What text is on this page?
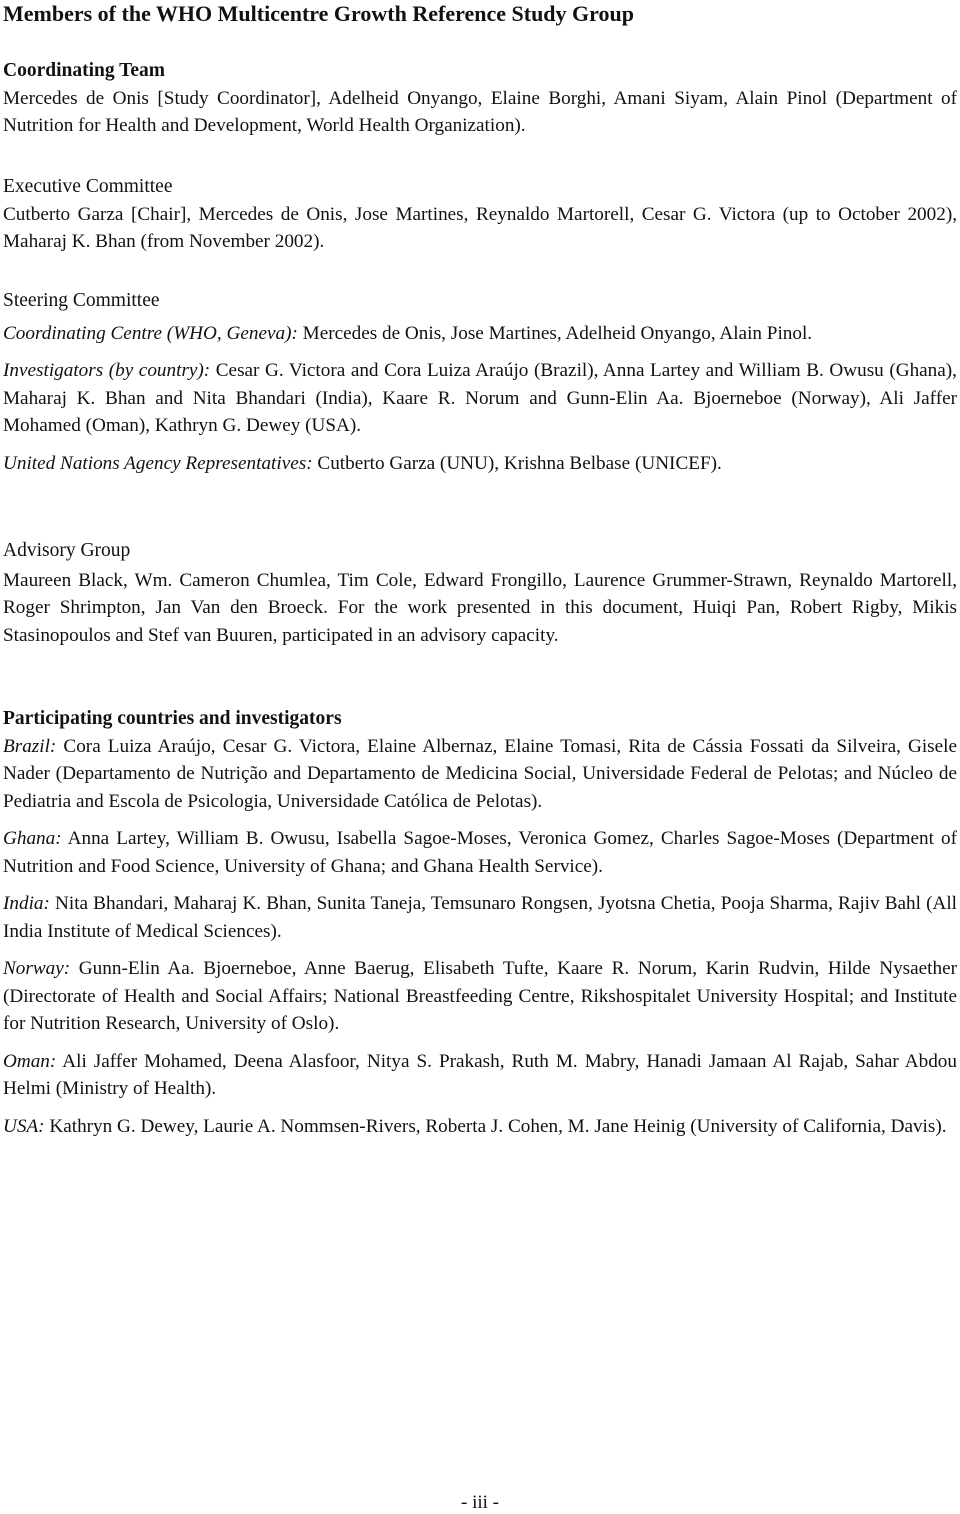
Members of the WHO Multicentre Growth Reference Study Group
Coordinating Team

Mercedes de Onis [Study Coordinator], Adelheid Onyango, Elaine Borghi, Amani Siyam, Alain Pinol (Department of Nutrition for Health and Development, World Health Organization).

Executive Committee

Cutberto Garza [Chair], Mercedes de Onis, Jose Martines, Reynaldo Martorell, Cesar G. Victora (up to October 2002), Maharaj K. Bhan (from November 2002).

Steering Committee

Coordinating Centre (WHO, Geneva): Mercedes de Onis, Jose Martines, Adelheid Onyango, Alain Pinol.

Investigators (by country): Cesar G. Victora and Cora Luiza Araújo (Brazil), Anna Lartey and William B. Owusu (Ghana), Maharaj K. Bhan and Nita Bhandari (India), Kaare R. Norum and Gunn-Elin Aa. Bjoerneboe (Norway), Ali Jaffer Mohamed (Oman), Kathryn G. Dewey (USA).

United Nations Agency Representatives: Cutberto Garza (UNU), Krishna Belbase (UNICEF).

Advisory Group

Maureen Black, Wm. Cameron Chumlea, Tim Cole, Edward Frongillo, Laurence Grummer-Strawn, Reynaldo Martorell, Roger Shrimpton, Jan Van den Broeck. For the work presented in this document, Huiqi Pan, Robert Rigby, Mikis Stasinopoulos and Stef van Buuren, participated in an advisory capacity.

Participating countries and investigators

Brazil: Cora Luiza Araújo, Cesar G. Victora, Elaine Albernaz, Elaine Tomasi, Rita de Cássia Fossati da Silveira, Gisele Nader (Departamento de Nutrição and Departamento de Medicina Social, Universidade Federal de Pelotas; and Núcleo de Pediatria and Escola de Psicologia, Universidade Católica de Pelotas).

Ghana: Anna Lartey, William B. Owusu, Isabella Sagoe-Moses, Veronica Gomez, Charles Sagoe-Moses (Department of Nutrition and Food Science, University of Ghana; and Ghana Health Service).

India: Nita Bhandari, Maharaj K. Bhan, Sunita Taneja, Temsunaro Rongsen, Jyotsna Chetia, Pooja Sharma, Rajiv Bahl (All India Institute of Medical Sciences).

Norway: Gunn-Elin Aa. Bjoerneboe, Anne Baerug, Elisabeth Tufte, Kaare R. Norum, Karin Rudvin, Hilde Nysaether (Directorate of Health and Social Affairs; National Breastfeeding Centre, Rikshospitalet University Hospital; and Institute for Nutrition Research, University of Oslo).

Oman: Ali Jaffer Mohamed, Deena Alasfoor, Nitya S. Prakash, Ruth M. Mabry, Hanadi Jamaan Al Rajab, Sahar Abdou Helmi (Ministry of Health).

USA: Kathryn G. Dewey, Laurie A. Nommsen-Rivers, Roberta J. Cohen, M. Jane Heinig (University of California, Davis).

- iii -
